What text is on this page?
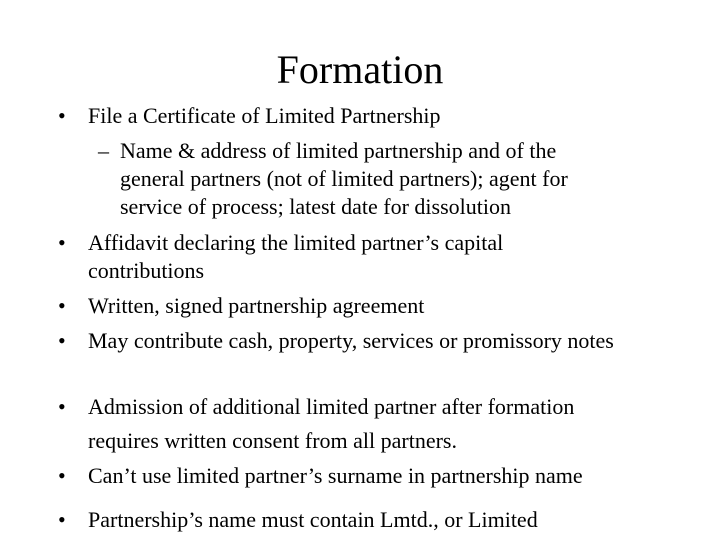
Formation
•	File a Certificate of Limited Partnership
– Name & address of limited partnership and of the general partners (not of limited partners); agent for service of process; latest date for dissolution
•	Affidavit declaring the limited partner’s capital contributions
•	Written, signed partnership agreement
•	May contribute cash, property, services or promissory notes
•	Admission of additional limited partner after formation requires written consent from all partners.
•	Can’t use limited partner’s surname in partnership name
•	Partnership’s name must contain Lmtd., or Limited
